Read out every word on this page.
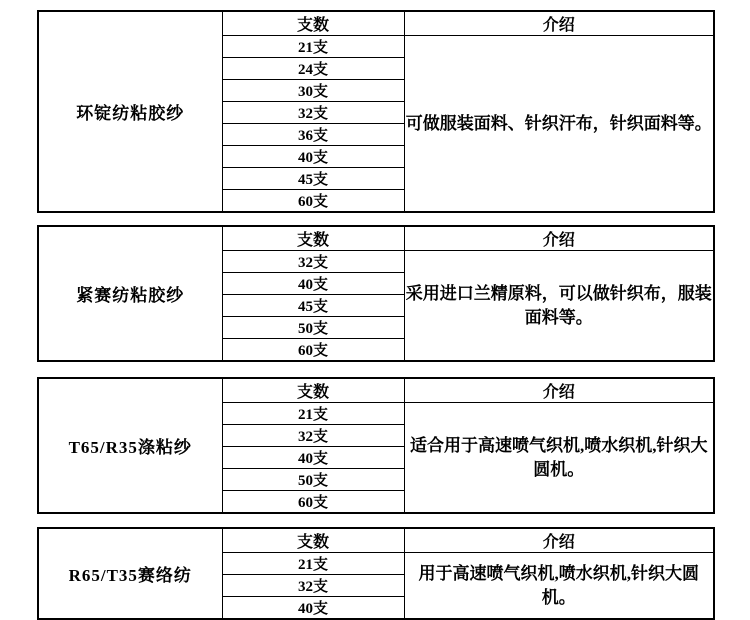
环锭纺粘胶纱	支数	介绍
	21支	可做服装面料、针织汗布，针织面料等。
	24支	
	30支	
	32支	
	36支	
	40支	
	45支	
	60支	
紧赛纺粘胶纱	支数	介绍
	32支	采用进口兰精原料，可以做针织布，服装面料等。
	40支	
	45支	
	50支	
	60支	
T65/R35涤粘纱	支数	介绍
	21支	适合用于高速喷气织机,喷水织机,针织大圆机。
	32支	
	40支	
	50支	
	60支	
R65/T35赛络纺	支数	介绍
	21支	用于高速喷气织机,喷水织机,针织大圆机。
	32支	
	40支	
